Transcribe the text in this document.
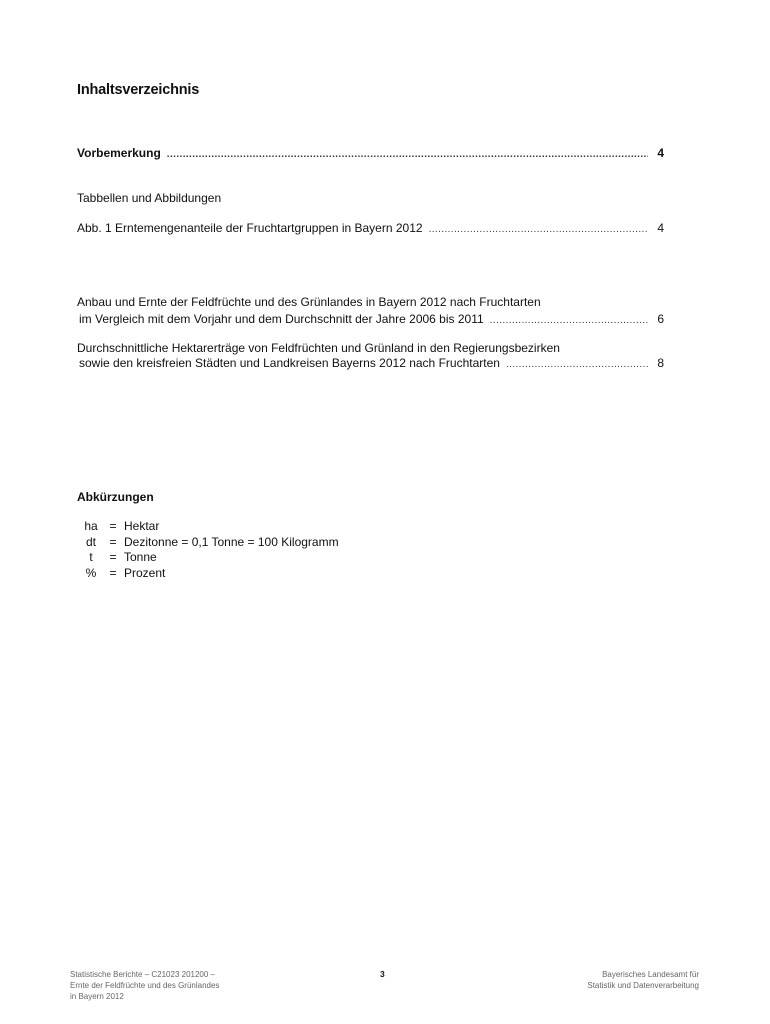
Inhaltsverzeichnis
Vorbemerkung .....	4
Tabbellen und Abbildungen
Abb. 1 Erntemengenanteile der Fruchtartgruppen in Bayern 2012 .....	4
Anbau und Ernte der Feldfrüchte und des Grünlandes in Bayern 2012 nach Fruchtarten
im Vergleich mit dem Vorjahr und dem Durchschnitt der Jahre 2006 bis 2011 .....	6
Durchschnittliche Hektarerträge von Feldfrüchten und Grünland in den Regierungsbezirken
sowie den kreisfreien Städten und Landkreisen Bayerns 2012 nach Fruchtarten .....	8
Abkürzungen
ha = Hektar
dt	= Dezitonne = 0,1 Tonne = 100 Kilogramm
t	= Tonne
%	= Prozent
Statistische Berichte – C21023 201200 –
Ernte der Feldfrüchte und des Grünlandes
in Bayern 2012
3	Bayerisches Landesamt für
Statistik und Datenverarbeitung
